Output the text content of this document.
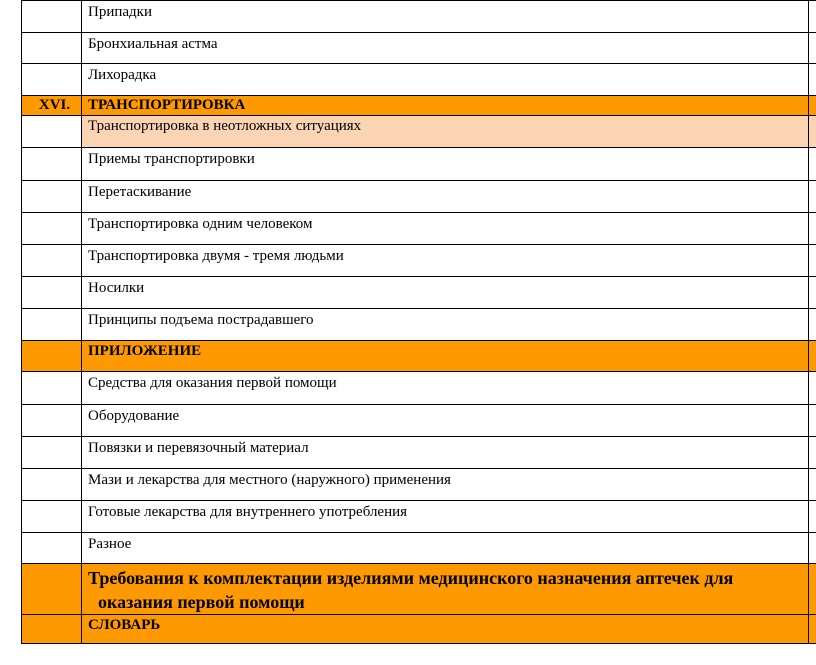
	Припадки	
	Бронхиальная астма	
	Лихорадка	
XVI.	ТРАНСПОРТИРОВКА	
	Транспортировка в неотложных ситуациях	
	Приемы транспортировки	
	Перетаскивание	
	Транспортировка одним человеком	
	Транспортировка двумя - тремя людьми	
	Носилки	
	Принципы подъема пострадавшего	
	ПРИЛОЖЕНИЕ	
	Средства для оказания первой помощи	
	Оборудование	
	Повязки и перевязочный материал	
	Мази и лекарства для местного (наружного) применения	
	Готовые лекарства для внутреннего употребления	
	Разное	

	Требования к комплектации изделиями медицинского назначения аптечек для
оказания первой помощи	

	СЛОВАРЬ	
